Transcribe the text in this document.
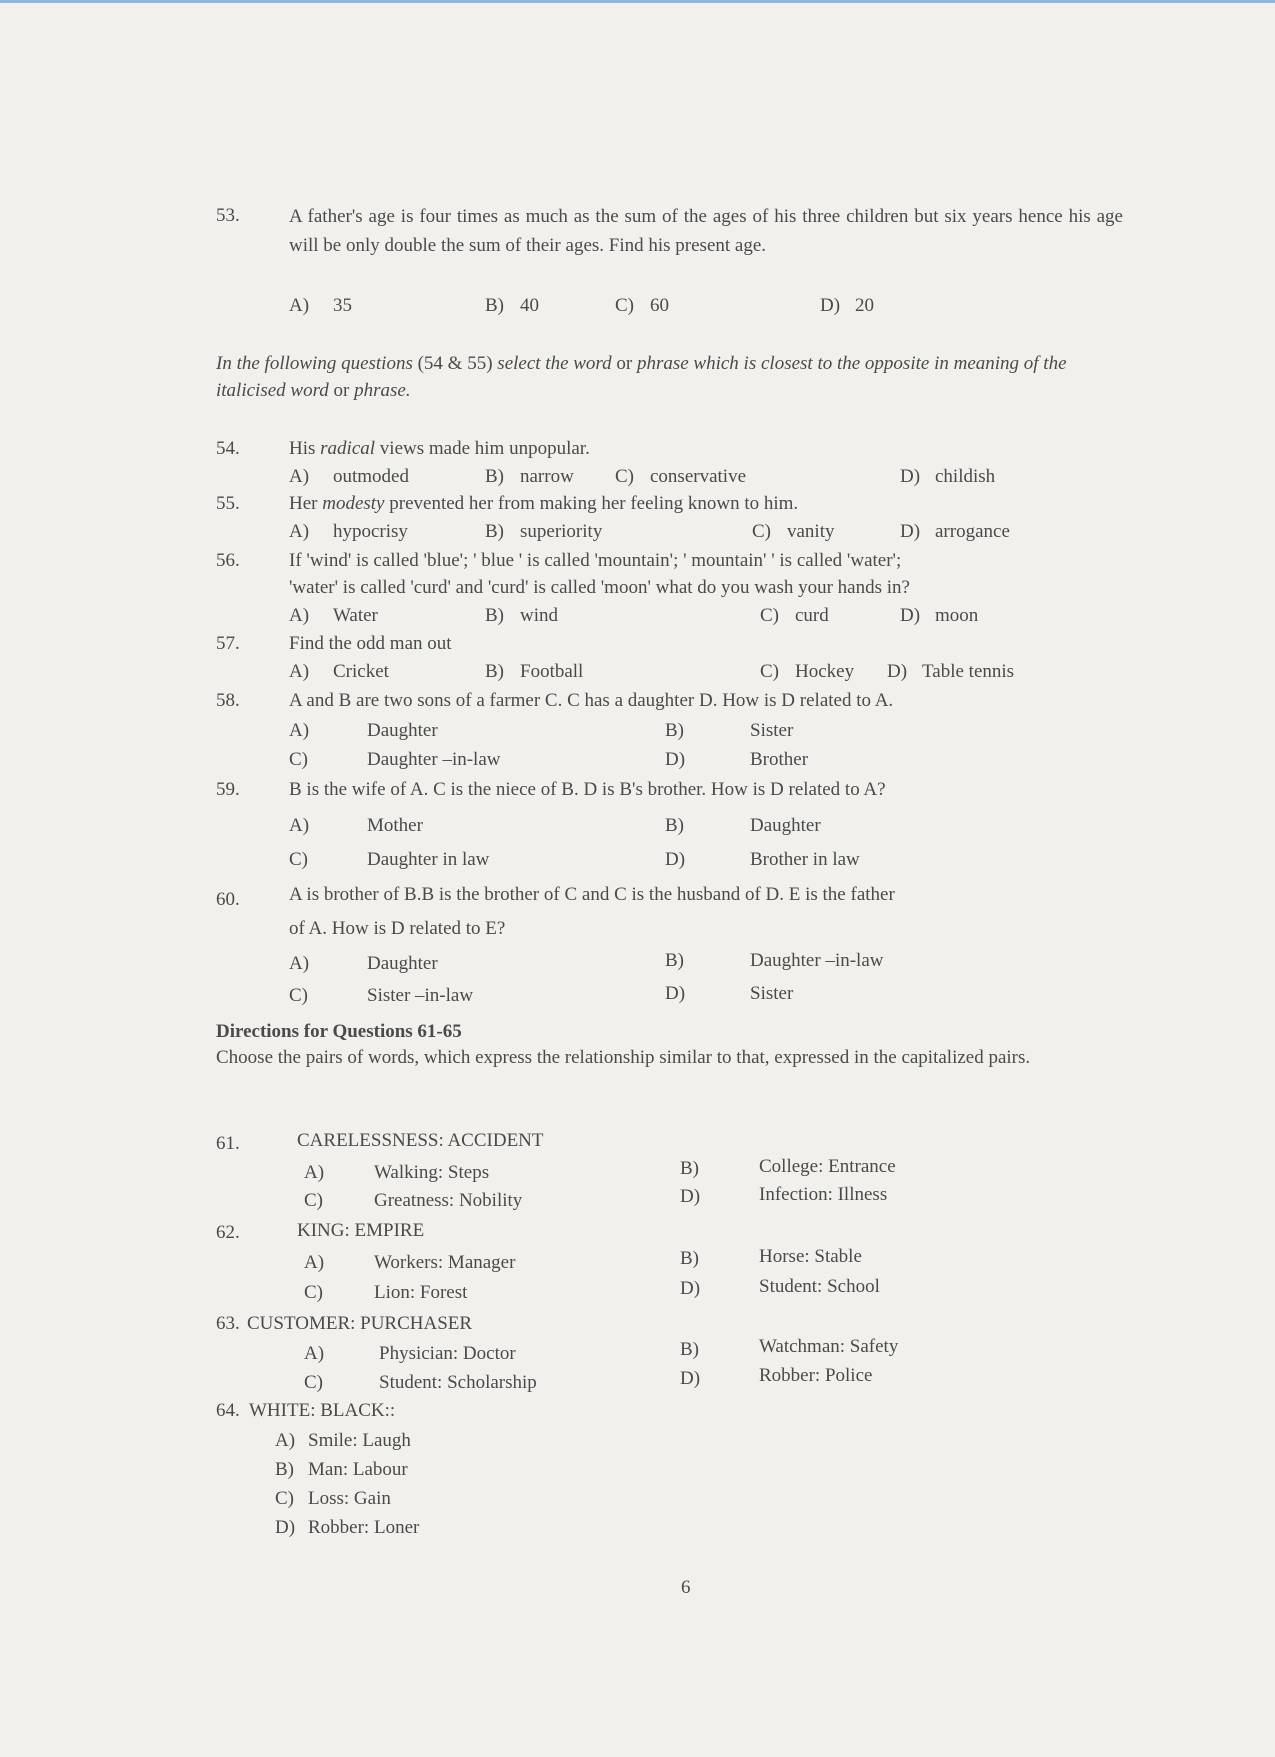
53.	A father's age is four times as much as the sum of the ages of his three children but six years hence his age will be only double the sum of their ages. Find his present age.
A) 35	B) 40	C) 60	D) 20
In the following questions (54 & 55) select the word or phrase which is closest to the opposite in meaning of the italicised word or phrase.
54.	His radical views made him unpopular.
A) outmoded	B) narrow C) conservative	D) childish
55.	Her modesty prevented her from making her feeling known to him.
A) hypocrisy	B) superiority	C) vanity	D) arrogance
56.	If 'wind' is called 'blue'; ' blue ' is called 'mountain'; ' mountain' ' is called 'water';
'water' is called 'curd' and 'curd' is called 'moon' what do you wash your hands in?
A) Water	B) wind	C) curd	D) moon
57.	Find the odd man out
A) Cricket	B) Football	C) Hockey D) Table tennis
58.	A and B are two sons of a farmer C. C has a daughter D. How is D related to A.
A)	Daughter	B)	Sister
C)	Daughter –in-law	D)	Brother
59.	B is the wife of A. C is the niece of B. D is B's brother. How is D related to A?
A)	Mother	B)	Daughter
C)	Daughter in law	D)	Brother in law
60.	A is brother of B.B is the brother of C and C is the husband of D. E is the father
of A. How is D related to E?
A)	Daughter	B)	Daughter –in-law
C)	Sister –in-law	D)	Sister
Directions for Questions 61-65
Choose the pairs of words, which express the relationship similar to that, expressed in the capitalized pairs.
61.	CARELESSNESS: ACCIDENT
A)	Walking: Steps	B)	College: Entrance
C)	Greatness: Nobility	D)	Infection: Illness
62.	KING: EMPIRE
A)	Workers: Manager	B)	Horse: Stable
C)	Lion: Forest	D)	Student: School
63. CUSTOMER: PURCHASER
A)	Physician: Doctor	B)	Watchman: Safety
C)	Student: Scholarship	D)	Robber: Police
64. WHITE: BLACK::
A) Smile: Laugh
B) Man: Labour
C) Loss: Gain
D) Robber: Loner
6
